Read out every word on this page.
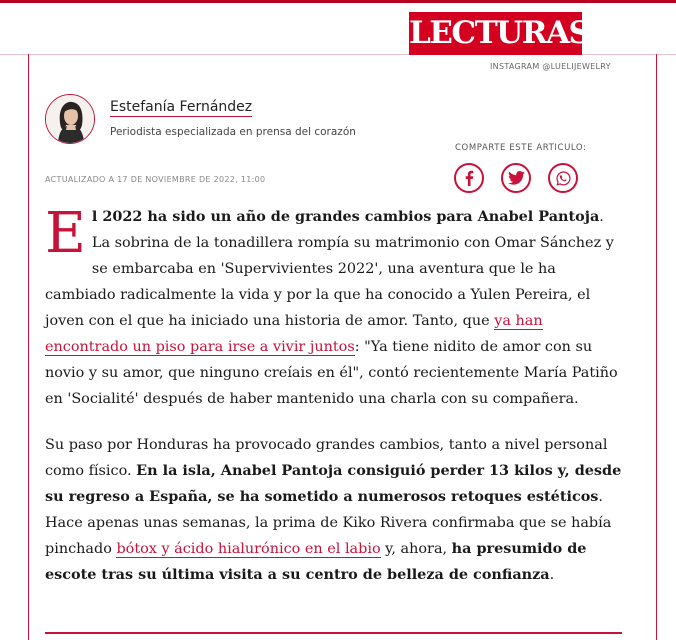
LECTURAS
INSTAGRAM @LUELIJEWELRY
Estefanía Fernández
Periodista especializada en prensa del corazón
COMPARTE ESTE ARTICULO:
ACTUALIZADO A 17 DE NOVIEMBRE DE 2022, 11:00

El 2022 ha sido un año de grandes cambios para Anabel Pantoja. La sobrina de la tonadillera rompía su matrimonio con Omar Sánchez y se embarcaba en 'Supervivientes 2022', una aventura que le ha cambiado radicalmente la vida y por la que ha conocido a Yulen Pereira, el joven con el que ha iniciado una historia de amor. Tanto, que ya han encontrado un piso para irse a vivir juntos: "Ya tiene nidito de amor con su novio y su amor, que ninguno creíais en él", contó recientemente María Patiño en 'Socialité' después de haber mantenido una charla con su compañera.

Su paso por Honduras ha provocado grandes cambios, tanto a nivel personal como físico. En la isla, Anabel Pantoja consiguió perder 13 kilos y, desde su regreso a España, se ha sometido a numerosos retoques estéticos. Hace apenas unas semanas, la prima de Kiko Rivera confirmaba que se había pinchado bótox y ácido hialurónico en el labio y, ahora, ha presumido de escote tras su última visita a su centro de belleza de confianza.
